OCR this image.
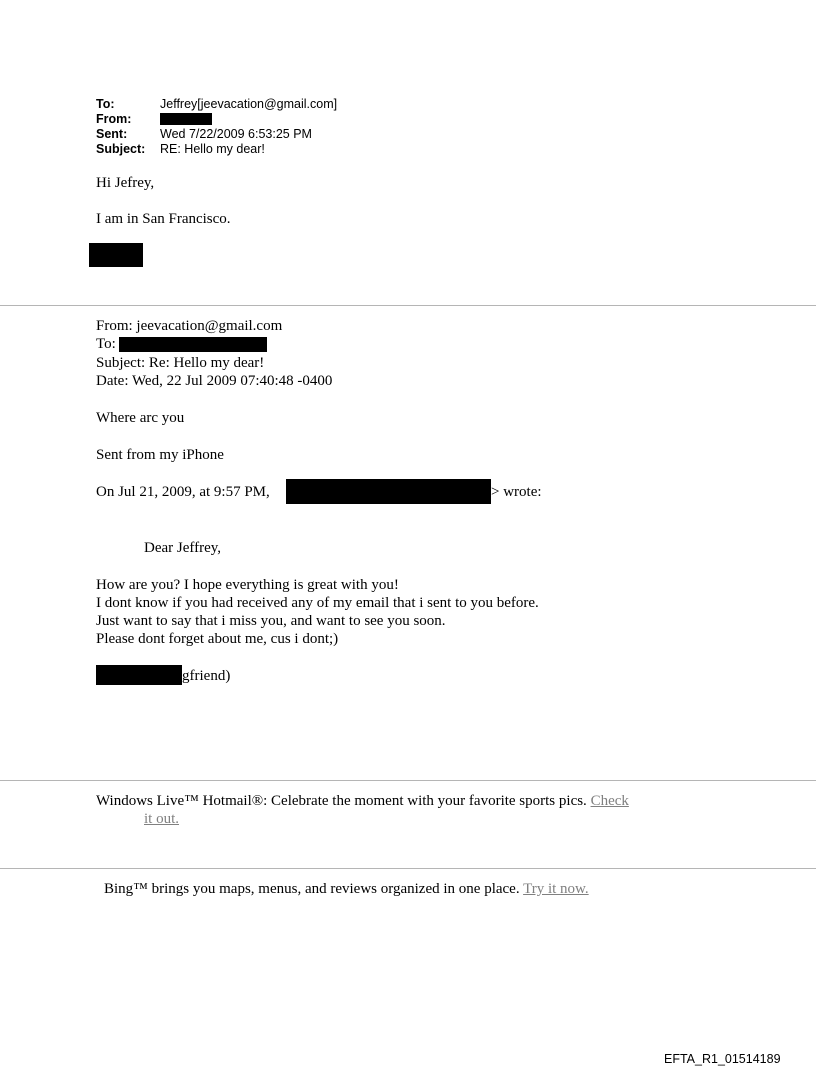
To:	Jeffrey[jeevacation@gmail.com]
From:
Sent:	Wed 7/22/2009 6:53:25 PM
Subject: RE: Hello my dear!
Hi Jefrey,
I am in San Francisco.
From: jeevacation@gmail.com
To:
Subject: Re: Hello my dear!
Date: Wed, 22 Jul 2009 07:40:48 -0400
Where arc you
Sent from my iPhone
On Jul 21, 2009, at 9:57 PM,	> wrote:
Dear Jeffrey,
How are you? I hope everything is great with you!
I dont know if you had received any of my email that i sent to you before.
Just want to say that i miss you, and want to see you soon.
Please dont forget about me, cus i dont;)
gfriend)
Windows Live™ Hotmail®: Celebrate the moment with your favorite sports pics. Check
it out.
Bing™ brings you maps, menus, and reviews organized in one place. Try it now.
EFTA_R1_01514189
